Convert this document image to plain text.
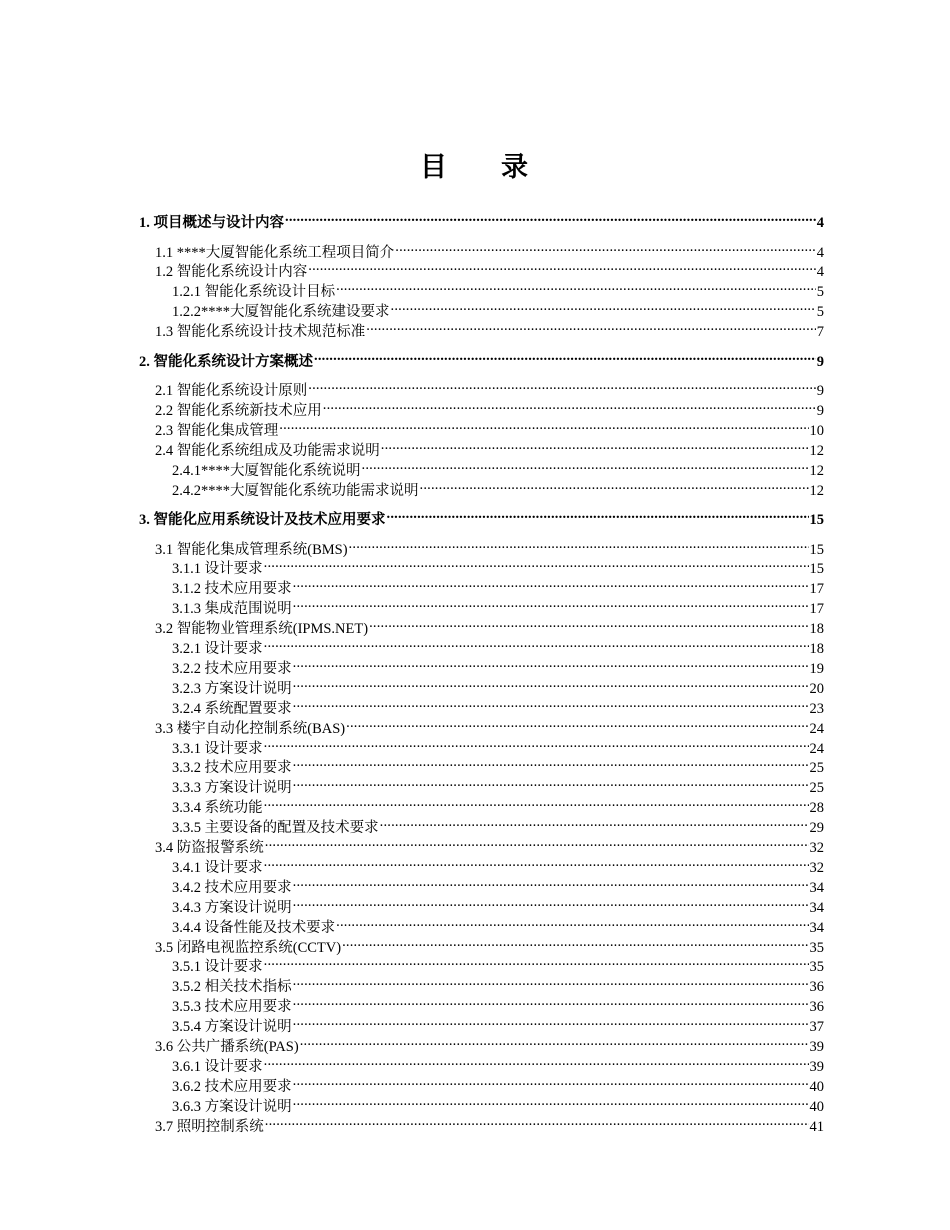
目 录
1. 项目概述与设计内容 .....	4
1.1 ****大厦智能化系统工程项目简介 .....	4
1.2 智能化系统设计内容 .....	4
1.2.1 智能化系统设计目标 .....	5
1.2.2****大厦智能化系统建设要求 .....	5
1.3 智能化系统设计技术规范标准 .....	7
2. 智能化系统设计方案概述 .....	9
2.1 智能化系统设计原则 .....	9
2.2 智能化系统新技术应用 .....	9
2.3 智能化集成管理 .....	10
2.4 智能化系统组成及功能需求说明 .....	12
2.4.1****大厦智能化系统说明 .....	12
2.4.2****大厦智能化系统功能需求说明 .....	12
3. 智能化应用系统设计及技术应用要求 .....	15
3.1 智能化集成管理系统(BMS) .....	15
3.1.1 设计要求 .....	15
3.1.2 技术应用要求 .....	17
3.1.3 集成范围说明 .....	17
3.2 智能物业管理系统(IPMS.NET) .....	18
3.2.1 设计要求 .....	18
3.2.2 技术应用要求 .....	19
3.2.3 方案设计说明 .....	20
3.2.4 系统配置要求 .....	23
3.3 楼宇自动化控制系统(BAS) .....	24
3.3.1 设计要求 .....	24
3.3.2 技术应用要求 .....	25
3.3.3 方案设计说明 .....	25
3.3.4 系统功能 .....	28
3.3.5 主要设备的配置及技术要求 .....	29
3.4 防盗报警系统 .....	32
3.4.1 设计要求 .....	32
3.4.2 技术应用要求 .....	34
3.4.3 方案设计说明 .....	34
3.4.4 设备性能及技术要求 .....	34
3.5 闭路电视监控系统(CCTV) .....	35
3.5.1 设计要求 .....	35
3.5.2 相关技术指标 .....	36
3.5.3 技术应用要求 .....	36
3.5.4 方案设计说明 .....	37
3.6 公共广播系统(PAS) .....	39
3.6.1 设计要求 .....	39
3.6.2 技术应用要求 .....	40
3.6.3 方案设计说明 .....	40
3.7 照明控制系统 .....	41
